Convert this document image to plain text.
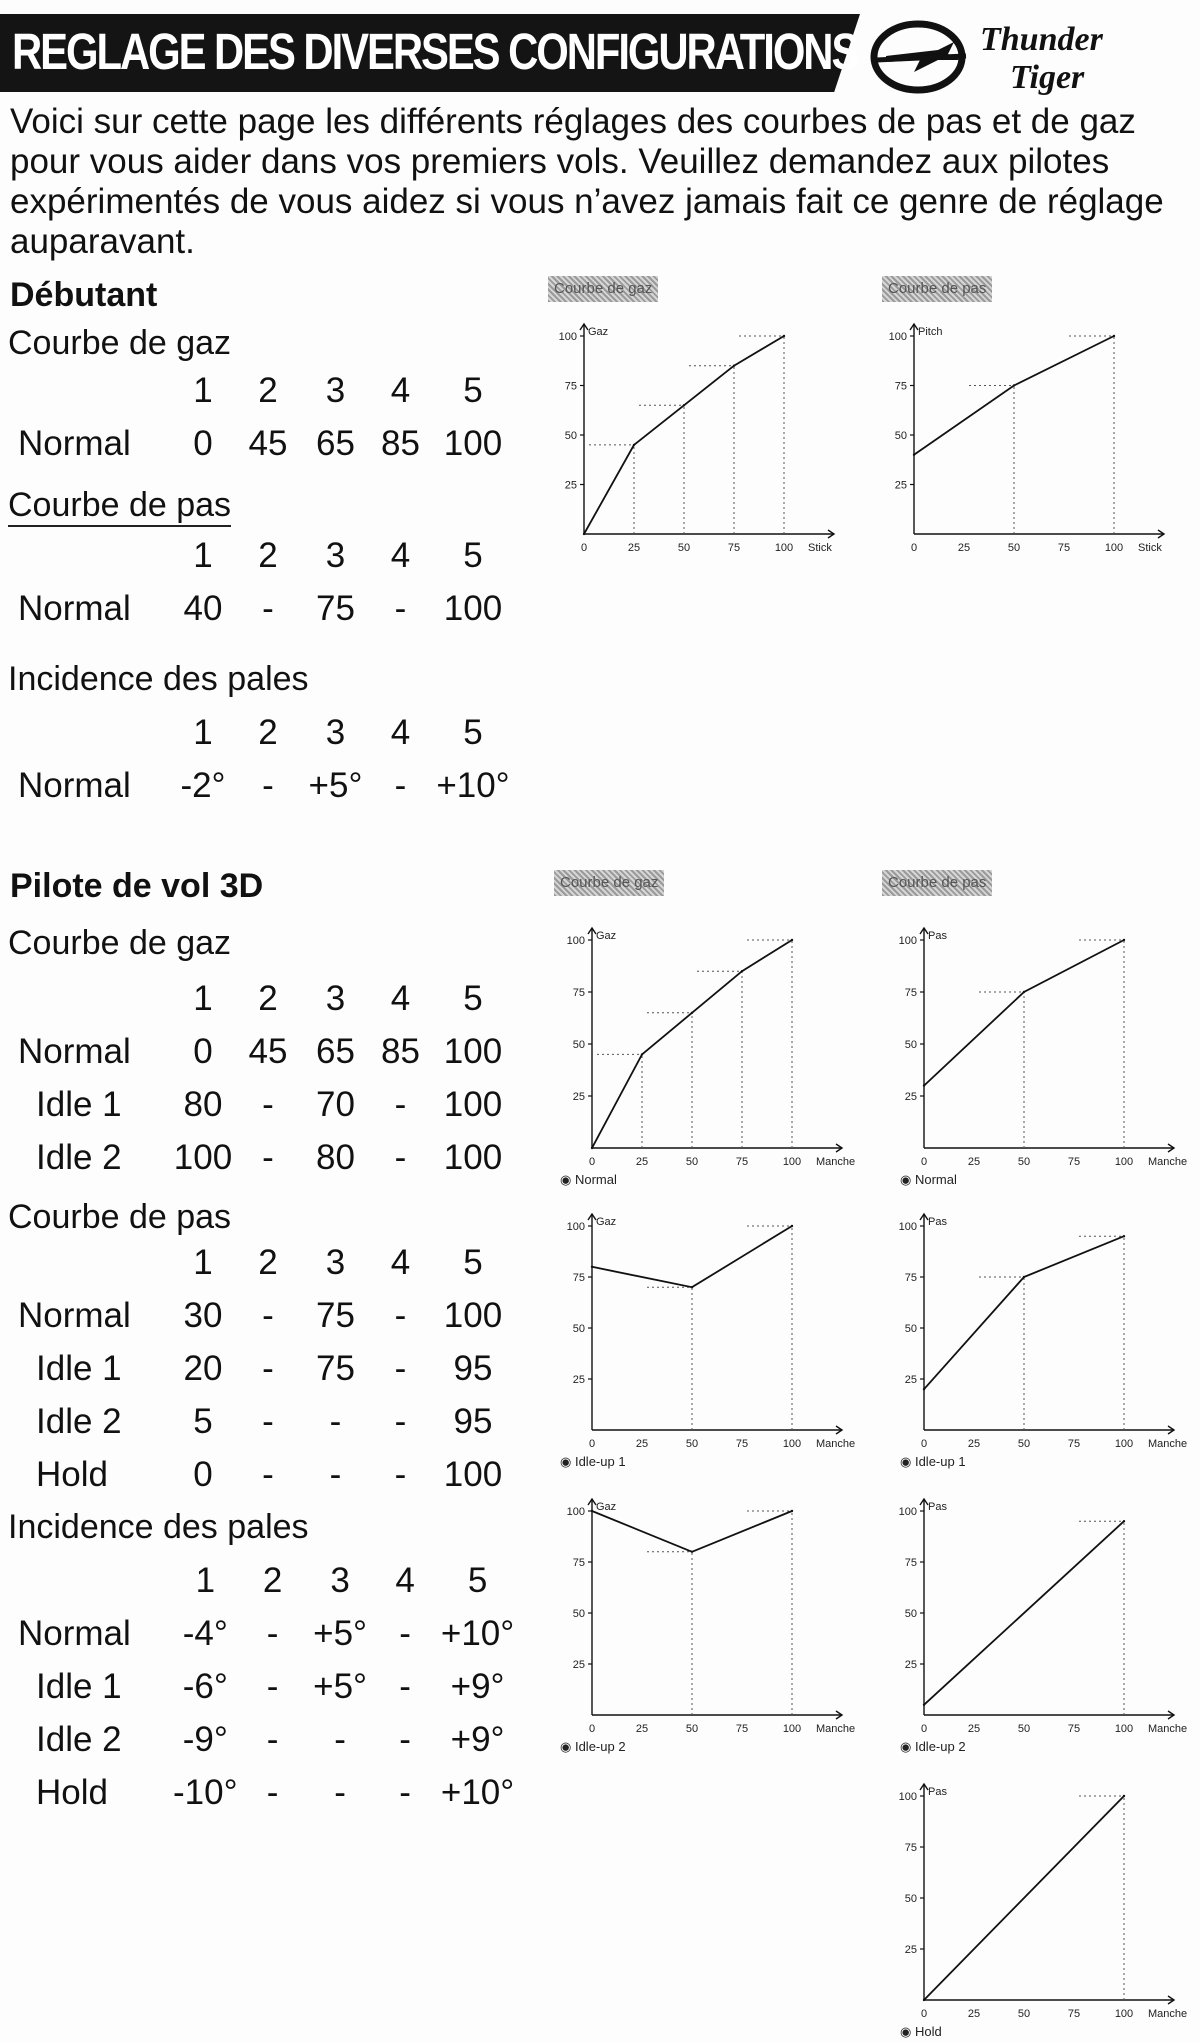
REGLAGE DES DIVERSES CONFIGURATIONS	Thunder
Tiger
Voici sur cette page les différents réglages des courbes de pas et de gaz pour vous aider dans vos premiers vols. Veuillez demandez aux pilotes expérimentés de vous aidez si vous n’avez jamais fait ce genre de réglage auparavant.
Débutant
Courbe de gaz
	1	2	3	4	5
Normal	0	45	65	85	100
Courbe de pas
	1	2	3	4	5
Normal	40	-	75	-	100
Incidence des pales
	1	2	3	4	5
Normal	-2°	-	+5°	-	+10°
Pilote de vol 3D
Courbe de gaz
	1	2	3	4	5
Normal	0	45	65	85	100
Idle 1	80	-	70	-	100
Idle 2	100	-	80	-	100
Courbe de pas
	1	2	3	4	5
Normal	30	-	75	-	100
Idle 1	20	-	75	-	95
Idle 2	5	-	-	-	95
Hold	0	-	-	-	100
Incidence des pales
	1	2	3	4	5
Normal	-4°	-	+5°	-	+10°
Idle 1	-6°	-	+5°	-	+9°
Idle 2	-9°	-	-	-	+9°
Hold	-10°	-	-	-	+10°
Courbe de gaz
0	25	50	75	100
25
50
75
100 Gaz
Stick
Courbe de pas
0	25	50	75	100
25
50
75
100 Pitch
Stick
Courbe de gaz
0	25	50	75	100
25
50
75
100 Gaz
Manche
◉ Normal
Courbe de pas
0	25	50	75	100
25
50
75
100 Pas
Manche
◉ Normal
0	25	50	75	100
25
50
75
100 Gaz
Manche
◉ Idle-up 1
0	25	50	75	100
25
50
75
100 Pas
Manche
◉ Idle-up 1
0	25	50	75	100
25
50
75
100 Gaz
Manche
◉ Idle-up 2
0	25	50	75	100
25
50
75
100 Pas
Manche
◉ Idle-up 2
0	25	50	75	100
25
50
75
100 Pas
Manche
◉ Hold
